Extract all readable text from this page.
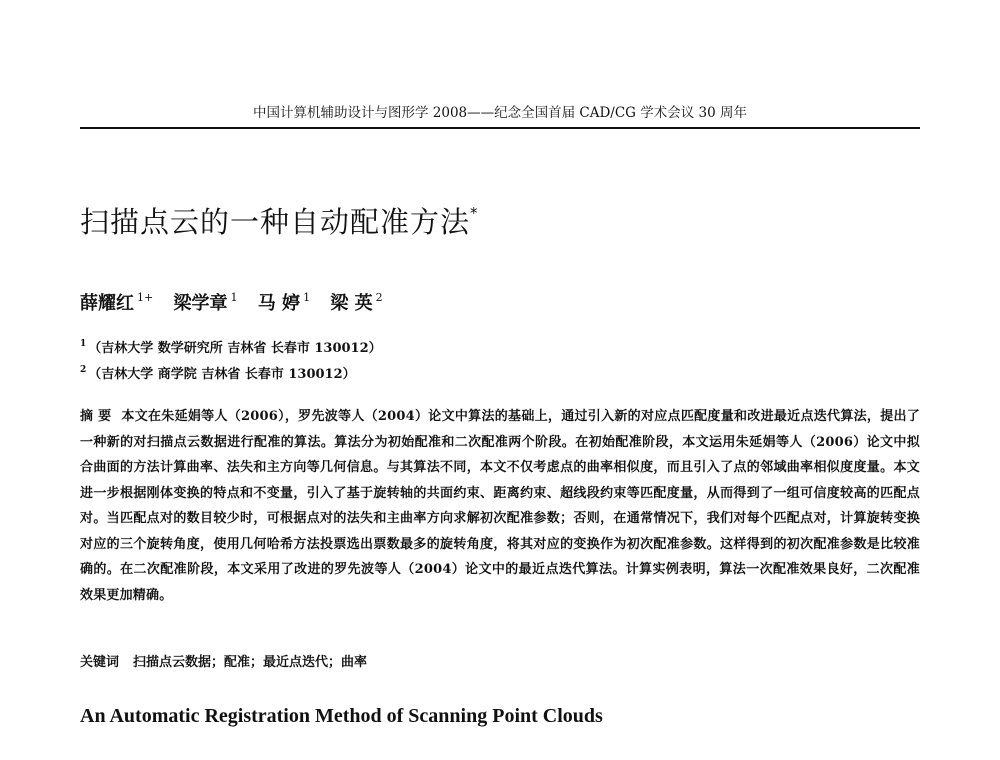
中国计算机辅助设计与图形学 2008——纪念全国首届 CAD/CG 学术会议 30 周年
扫描点云的一种自动配准方法*
薛耀红 $^{1+}$ 梁学章 $^1$ 马 婷 $^1$ 梁 英 $^2$
$^1$ （吉林大学 数学研究所 吉林省 长春市 130012）
$^2$ （吉林大学 商学院 吉林省 长春市 130012）
摘 要 本文在朱延娟等人（2006），罗先波等人（2004）论文中算法的基础上，通过引入新的对应点匹配度量和改进最近点迭代算法，提出了一种新的对扫描点云数据进行配准的算法。算法分为初始配准和二次配准两个阶段。在初始配准阶段，本文运用朱延娟等人（2006）论文中拟合曲面的方法计算曲率、法失和主方向等几何信息。与其算法不同，本文不仅考虑点的曲率相似度，而且引入了点的邻域曲率相似度度量。本文进一步根据刚体变换的特点和不变量，引入了基于旋转轴的共面约束、距离约束、超线段约束等匹配度量，从而得到了一组可信度较高的匹配点对。当匹配点对的数目较少时，可根据点对的法失和主曲率方向求解初次配准参数；否则，在通常情况下，我们对每个匹配点对，计算旋转变换对应的三个旋转角度，使用几何哈希方法投票选出票数最多的旋转角度，将其对应的变换作为初次配准参数。这样得到的初次配准参数是比较准确的。在二次配准阶段，本文采用了改进的罗先波等人（2004）论文中的最近点迭代算法。计算实例表明，算法一次配准效果良好，二次配准效果更加精确。
关键词 扫描点云数据；配准；最近点迭代；曲率
An Automatic Registration Method of Scanning Point Clouds
